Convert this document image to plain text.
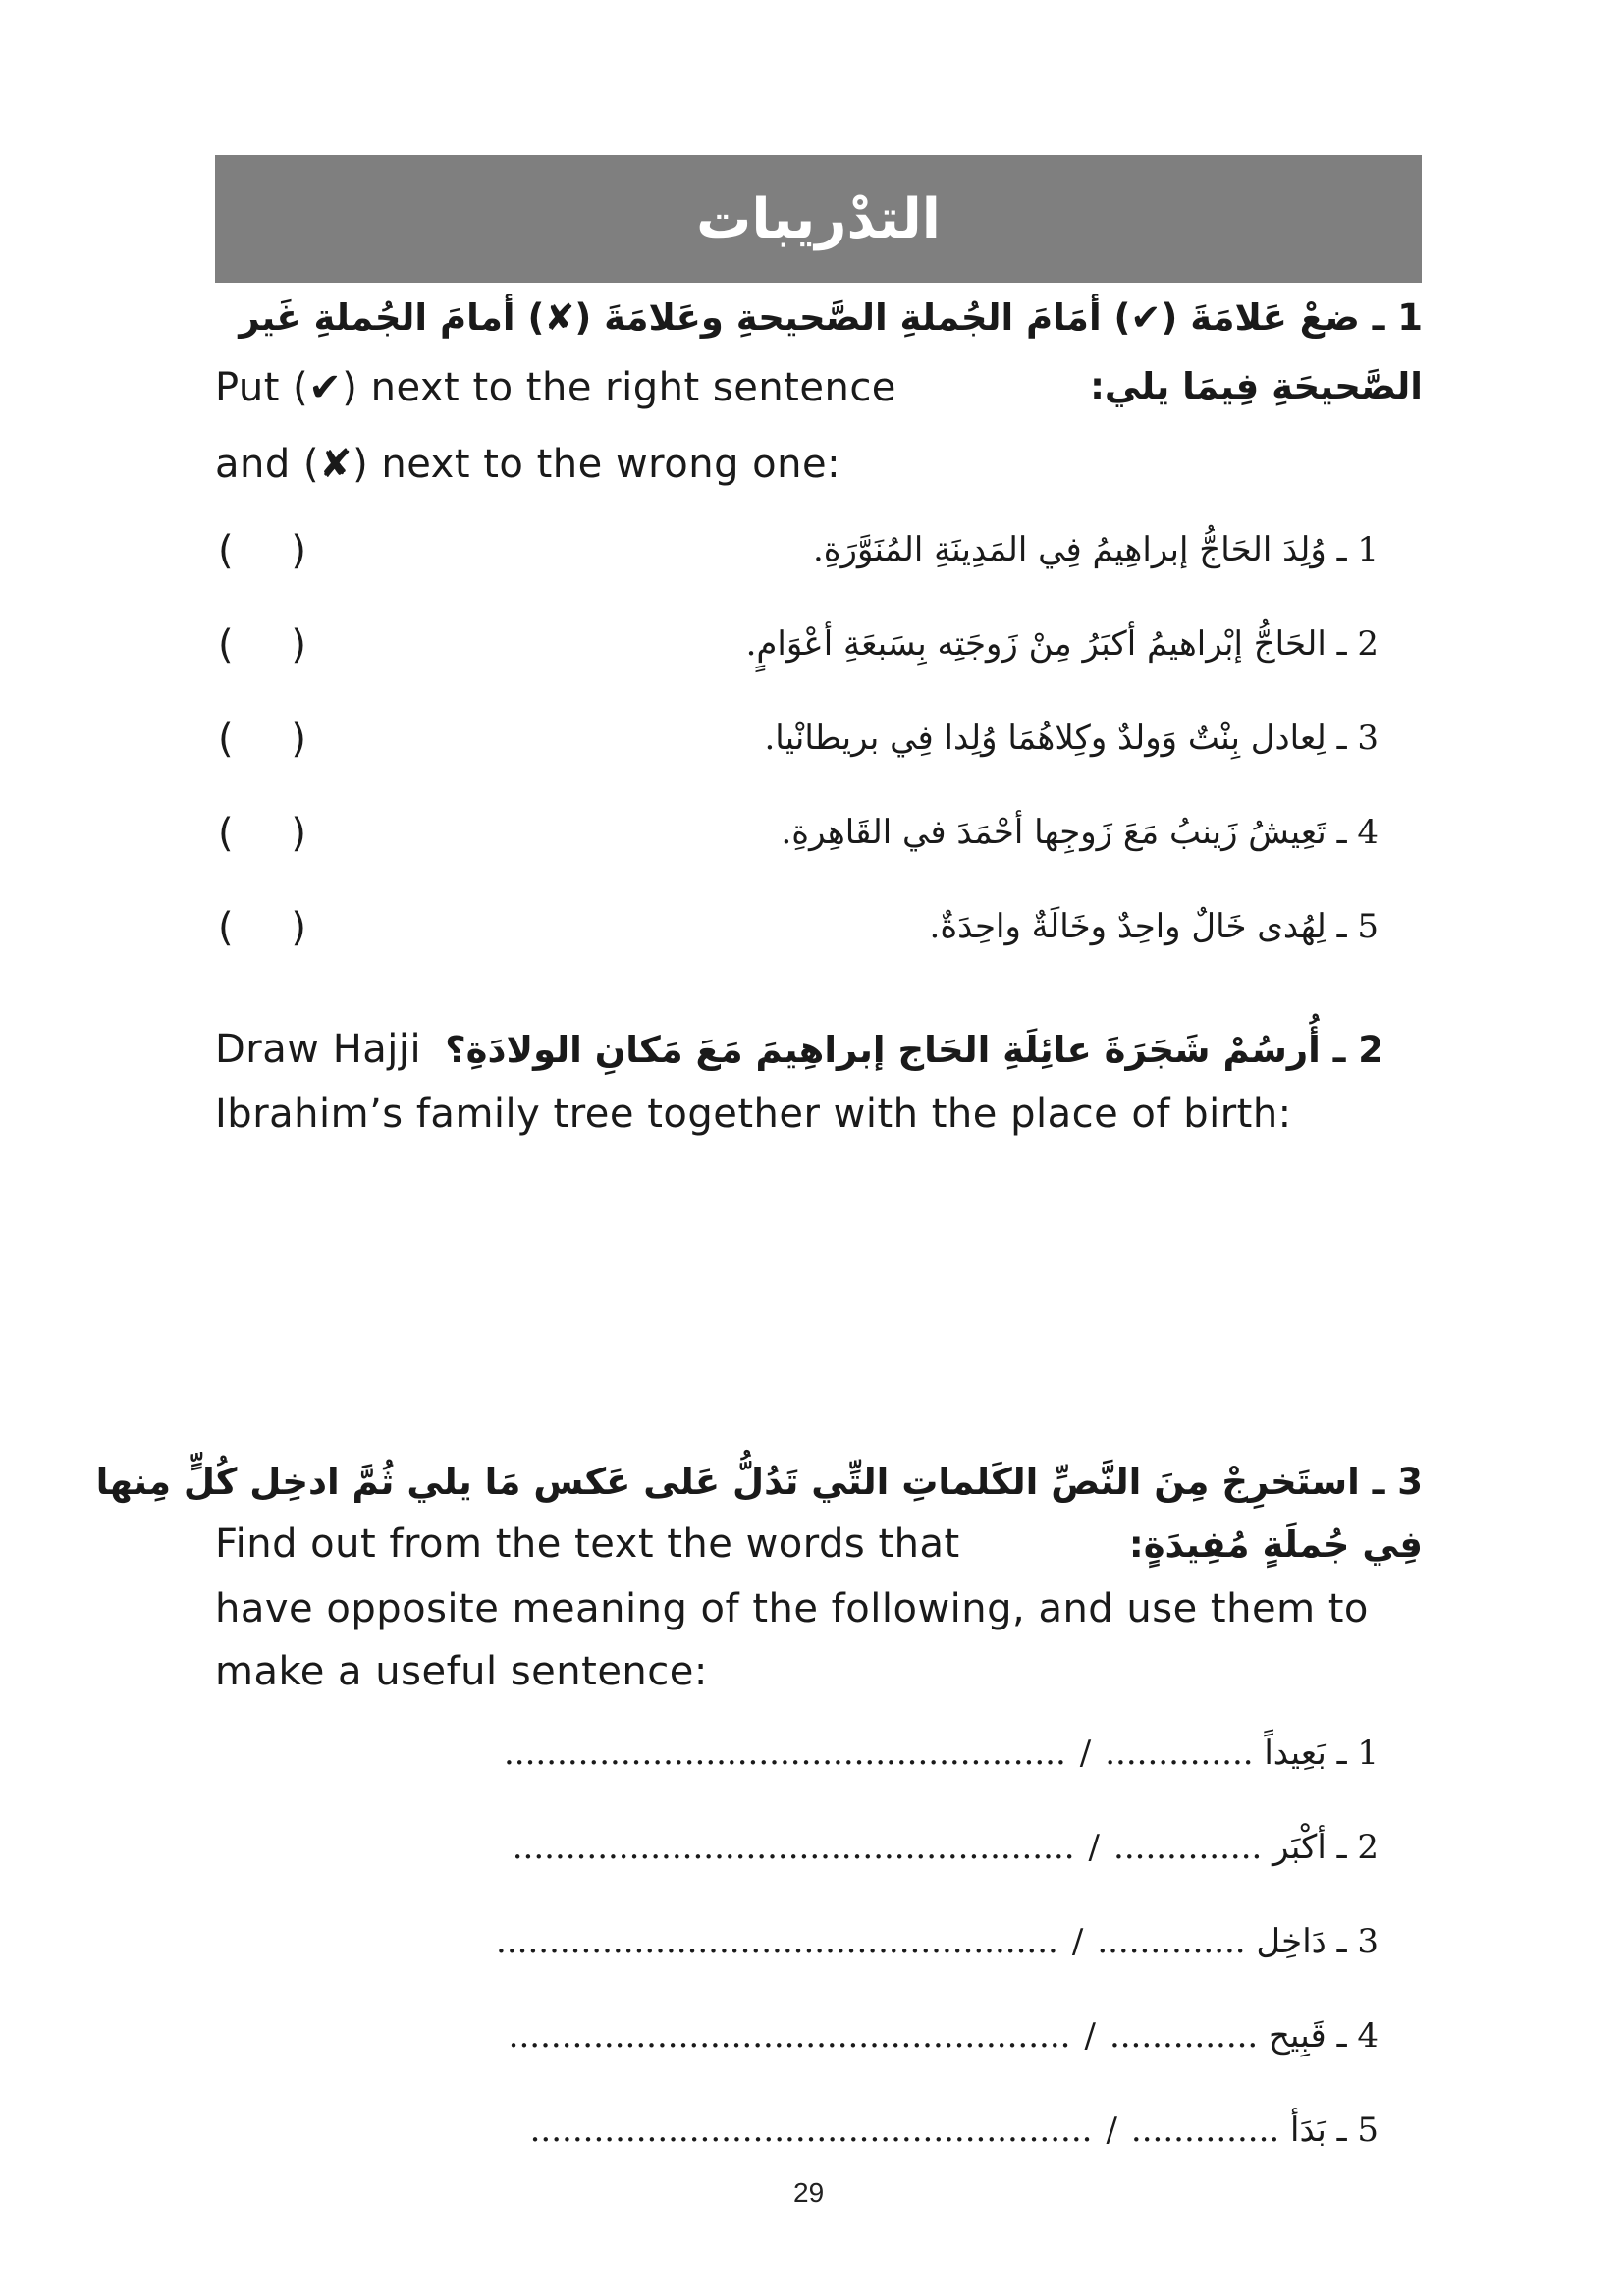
التدْريبات
1 ـ ضعْ عَلامَةَ (✔) أمَامَ الجُملةِ الصَّحيحةِ وعَلامَةَ (✘) أمامَ الجُملةِ غَير
الصَّحيحَةِ فِيمَا يلي:
Put (✔) next to the right sentence
and (✘) next to the wrong one:
1 ـ وُلِدَ الحَاجُّ إبراهِيمُ فِي المَدِينَةِ المُنَوَّرَةِ.
( )
2 ـ الحَاجُّ إبْراهيمُ أكبَرُ مِنْ زَوجَتِه بِسَبعَةِ أعْوَامٍ.
( )
3 ـ لِعادل بِنْتٌ وَولدٌ وكِلاهُمَا وُلِدا فِي بريطانْيا.
( )
4 ـ تَعِيشُ زَينبُ مَعَ زَوجِها أحْمَدَ في القَاهِرةِ.
( )
5 ـ لِهُدى خَالٌ واحِدٌ وخَالَةٌ واحِدَةٌ.
( )
2 ـ أُرسُمْ شَجَرَةَ عائِلَةِ الحَاج إبراهِيمَ مَعَ مَكانِ الولادَةِ؟
Draw Hajji
Ibrahim’s family tree together with the place of birth:
3 ـ استَخرِجْ مِنَ النَّصِّ الكَلماتِ التِّي تَدُلُّ عَلى عَكس مَا يلي ثُمَّ ادخِل كُلٍّ مِنها
فِي جُملَةٍ مُفِيدَةٍ:
Find out from the text the words that
have opposite meaning of the following, and use them to
make a useful sentence:
1 ـ بَعِيداً ..............
/
.....................................................
2 ـ أكْبَر ..............
/
.....................................................
3 ـ دَاخِل ..............
/
.....................................................
4 ـ قَبِيح ..............
/
.....................................................
5 ـ بَدَأ ..............
/
.....................................................
29
